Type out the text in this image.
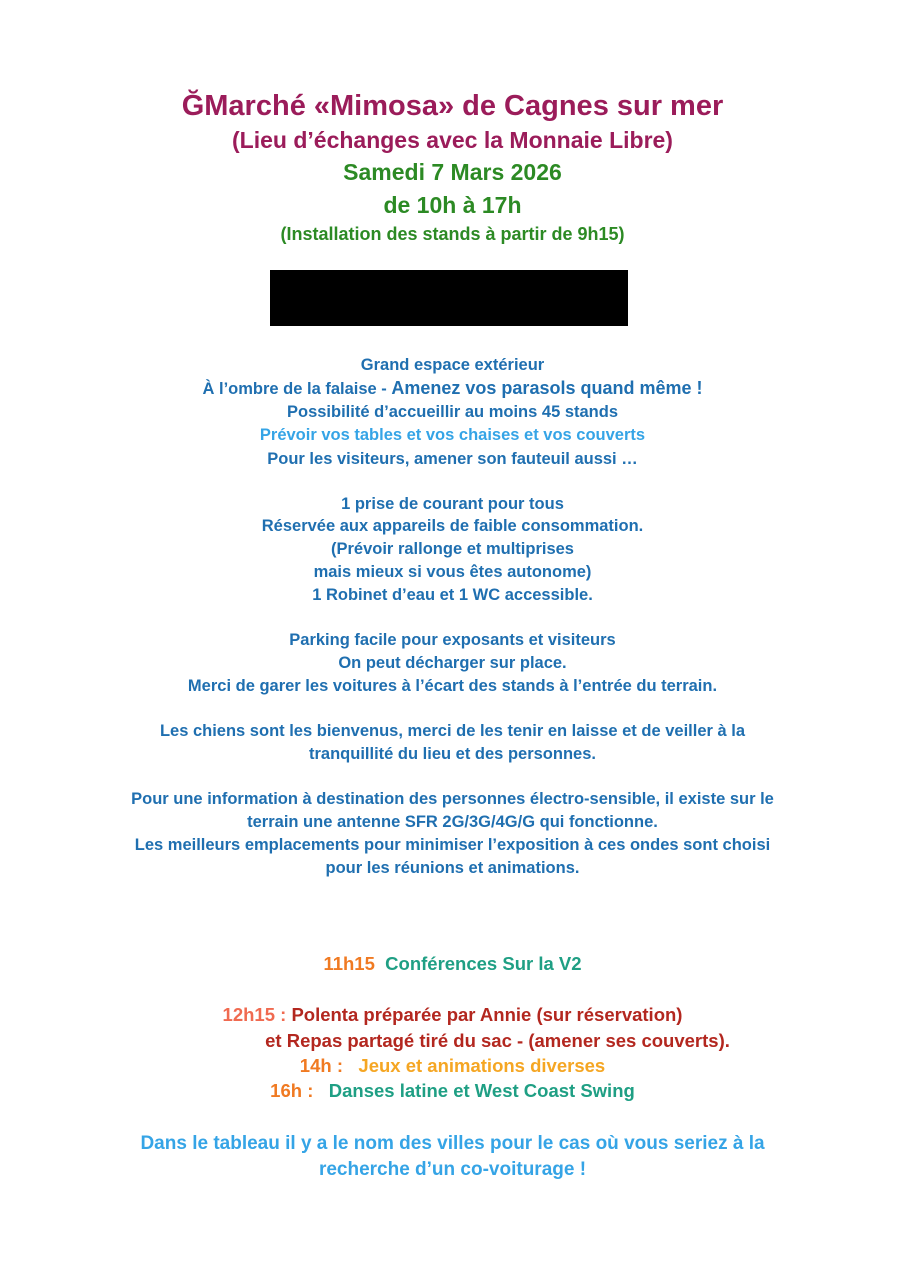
ĞMarché «Mimosa» de Cagnes sur mer
(Lieu d’échanges avec la Monnaie Libre)
Samedi 7 Mars 2026
de 10h à 17h
(Installation des stands à partir de 9h15)
Grand espace extérieur
À l’ombre de la falaise - Amenez vos parasols quand même !
Possibilité d’accueillir au moins 45 stands
Prévoir vos tables et vos chaises et vos couverts
Pour les visiteurs, amener son fauteuil aussi …
1 prise de courant pour tous
Réservée aux appareils de faible consommation.
(Prévoir rallonge et multiprises
mais mieux si vous êtes autonome)
1 Robinet d’eau et 1 WC accessible.
Parking facile pour exposants et visiteurs
On peut décharger sur place.
Merci de garer les voitures à l’écart des stands à l’entrée du terrain.
Les chiens sont les bienvenus, merci de les tenir en laisse et de veiller à la
tranquillité du lieu et des personnes.
Pour une information à destination des personnes électro-sensible, il existe sur le
terrain une antenne SFR 2G/3G/4G/G qui fonctionne.
Les meilleurs emplacements pour minimiser l’exposition à ces ondes sont choisi
pour les réunions et animations.
11h15 Conférences Sur la V2
12h15 : Polenta préparée par Annie (sur réservation)
et Repas partagé tiré du sac - (amener ses couverts).
14h : Jeux et animations diverses
16h : Danses latine et West Coast Swing
Dans le tableau il y a le nom des villes pour le cas où vous seriez à la
recherche d’un co-voiturage !
